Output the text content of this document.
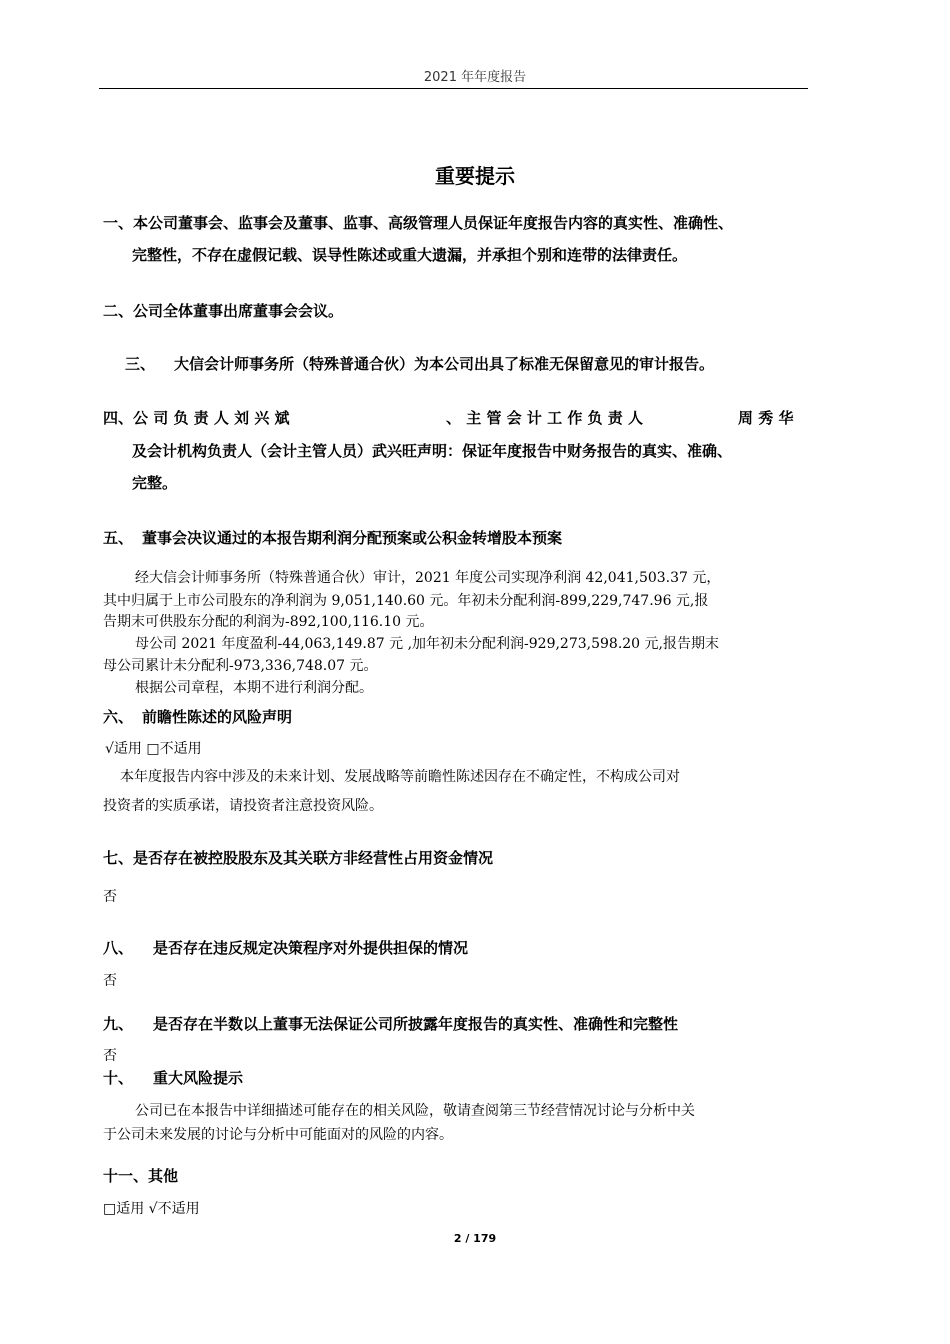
2021 年年度报告
重要提示
一、本公司董事会、监事会及董事、监事、高级管理人员保证年度报告内容的真实性、准确性、
完整性，不存在虚假记载、误导性陈述或重大遗漏，并承担个别和连带的法律责任。
二、公司全体董事出席董事会会议。
三、 大信会计师事务所（特殊普通合伙）为本公司出具了标准无保留意见的审计报告。
四、公 司 负 责 人 刘 兴 斌	、 主 管 会 计 工 作 负 责 人	周 秀 华
及会计机构负责人（会计主管人员）武兴旺声明：保证年度报告中财务报告的真实、准确、
完整。
五、 董事会决议通过的本报告期利润分配预案或公积金转增股本预案
经大信会计师事务所（特殊普通合伙）审计，2021 年度公司实现净利润 42,041,503.37 元，
其中归属于上市公司股东的净利润为 9,051,140.60 元。年初未分配利润-899,229,747.96 元,报
告期末可供股东分配的利润为-892,100,116.10 元。
母公司 2021 年度盈利-44,063,149.87 元 ,加年初未分配利润-929,273,598.20 元,报告期末
母公司累计未分配利-973,336,748.07 元。
根据公司章程，本期不进行利润分配。
六、 前瞻性陈述的风险声明
√适用 □不适用
本年度报告内容中涉及的未来计划、发展战略等前瞻性陈述因存在不确定性，不构成公司对
投资者的实质承诺，请投资者注意投资风险。
七、是否存在被控股股东及其关联方非经营性占用资金情况
否
八、 是否存在违反规定决策程序对外提供担保的情况
否
九、 是否存在半数以上董事无法保证公司所披露年度报告的真实性、准确性和完整性
否
十、 重大风险提示
公司已在本报告中详细描述可能存在的相关风险，敬请查阅第三节经营情况讨论与分析中关
于公司未来发展的讨论与分析中可能面对的风险的内容。
十一、其他
□适用 √不适用
2 / 179
